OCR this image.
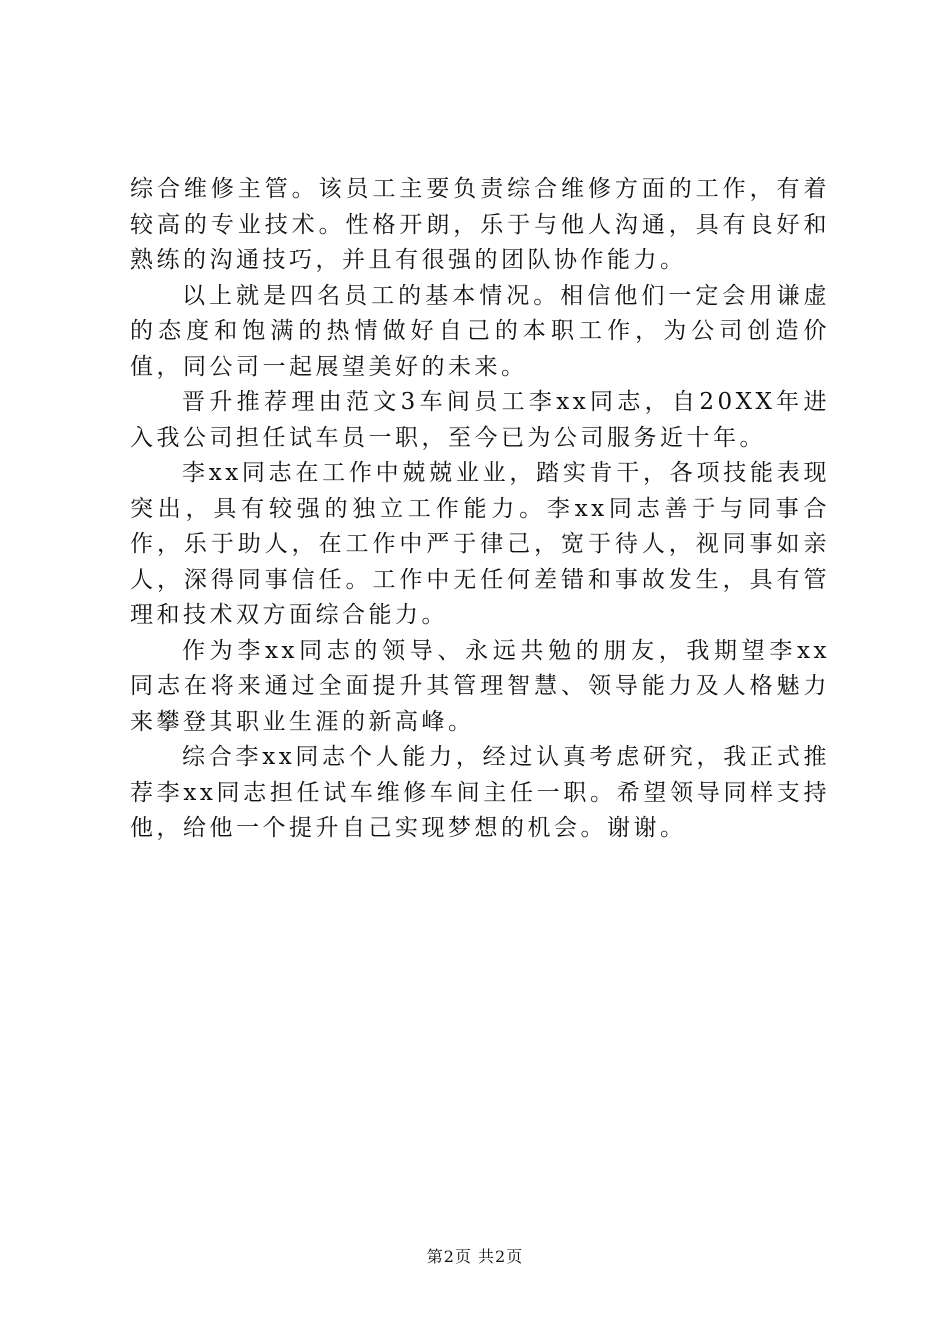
综合维修主管。该员工主要负责综合维修方面的工作，有着较高的专业技术。性格开朗，乐于与他人沟通，具有良好和熟练的沟通技巧，并且有很强的团队协作能力。

以上就是四名员工的基本情况。相信他们一定会用谦虚的态度和饱满的热情做好自己的本职工作，为公司创造价值，同公司一起展望美好的未来。

晋升推荐理由范文3车间员工李xx同志，自20XX年进入我公司担任试车员一职，至今已为公司服务近十年。

李xx同志在工作中兢兢业业，踏实肯干，各项技能表现突出，具有较强的独立工作能力。李xx同志善于与同事合作，乐于助人，在工作中严于律己，宽于待人，视同事如亲人，深得同事信任。工作中无任何差错和事故发生，具有管理和技术双方面综合能力。

作为李xx同志的领导、永远共勉的朋友，我期望李xx同志在将来通过全面提升其管理智慧、领导能力及人格魅力来攀登其职业生涯的新高峰。

综合李xx同志个人能力，经过认真考虑研究，我正式推荐李xx同志担任试车维修车间主任一职。希望领导同样支持他，给他一个提升自己实现梦想的机会。谢谢。

第2页 共2页
